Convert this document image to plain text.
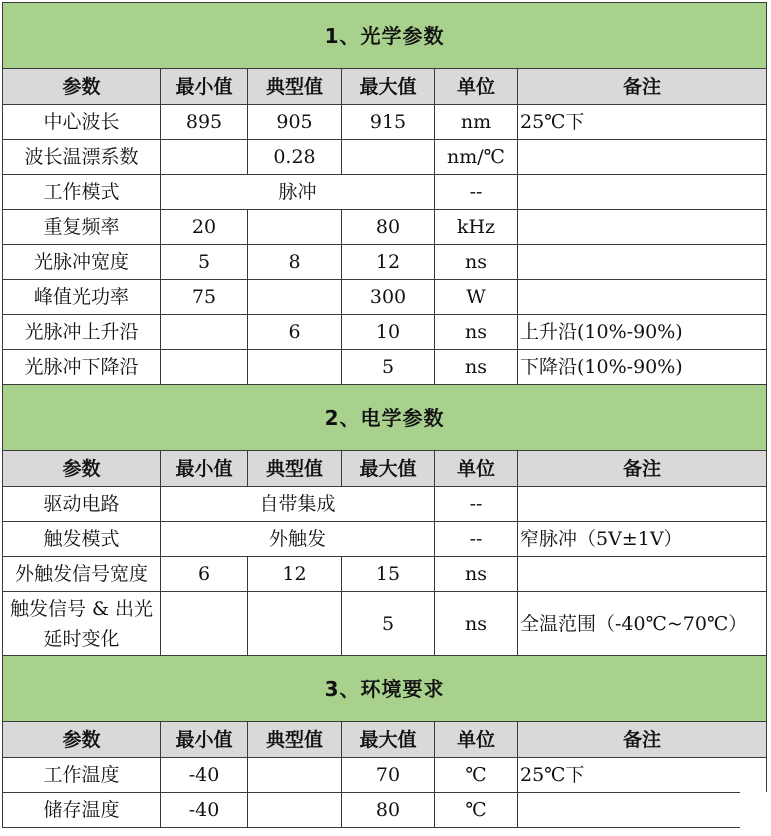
1、光学参数					
参数	最小值	典型值	最大值	单位	备注
中心波长	895	905	915	nm	25℃下
波长温漂系数		0.28		nm/℃	
工作模式	脉冲			--	
重复频率	20		80	kHz	
光脉冲宽度	5	8	12	ns	
峰值光功率	75		300	W	
光脉冲上升沿		6	10	ns	上升沿(10%-90%)
光脉冲下降沿			5	ns	下降沿(10%-90%)
2、电学参数					
参数	最小值	典型值	最大值	单位	备注
驱动电路	自带集成			--	
触发模式	外触发			--	窄脉冲（5V±1V）
外触发信号宽度	6	12	15	ns	
触发信号 & 出光延时变化			5	ns	全温范围（-40℃~70℃）
3、环境要求					
参数	最小值	典型值	最大值	单位	备注
工作温度	-40		70	℃	25℃下
储存温度	-40		80	℃	
